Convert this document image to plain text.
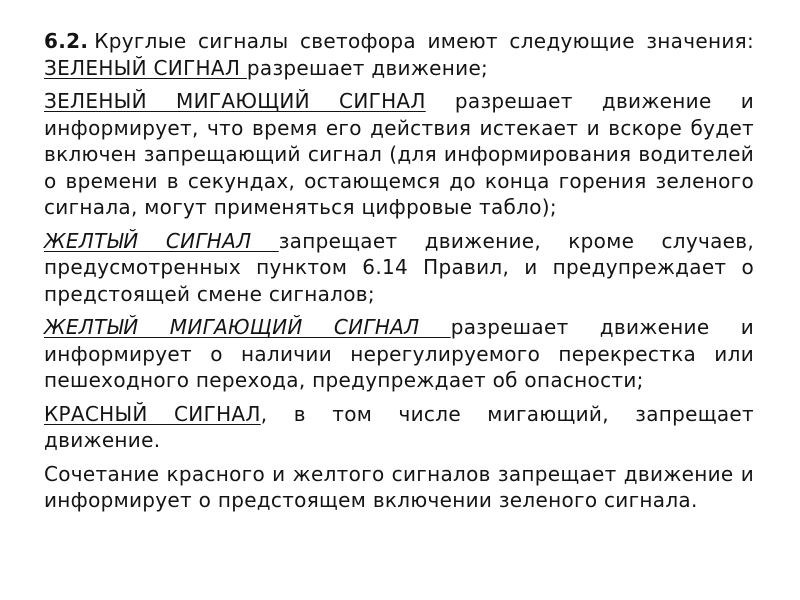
6.2. Круглые сигналы светофора имеют следующие значения: ЗЕЛЕНЫЙ СИГНАЛ разрешает движение;

ЗЕЛЕНЫЙ МИГАЮЩИЙ СИГНАЛ разрешает движение и информирует, что время его действия истекает и вскоре будет включен запрещающий сигнал (для информирования водителей о времени в секундах, остающемся до конца горения зеленого сигнала, могут применяться цифровые табло);

ЖЕЛТЫЙ СИГНАЛ запрещает движение, кроме случаев, предусмотренных пунктом 6.14 Правил, и предупреждает о предстоящей смене сигналов;

ЖЕЛТЫЙ МИГАЮЩИЙ СИГНАЛ разрешает движение и информирует о наличии нерегулируемого перекрестка или пешеходного перехода, предупреждает об опасности;

КРАСНЫЙ СИГНАЛ, в том числе мигающий, запрещает движение.

Сочетание красного и желтого сигналов запрещает движение и информирует о предстоящем включении зеленого сигнала.
